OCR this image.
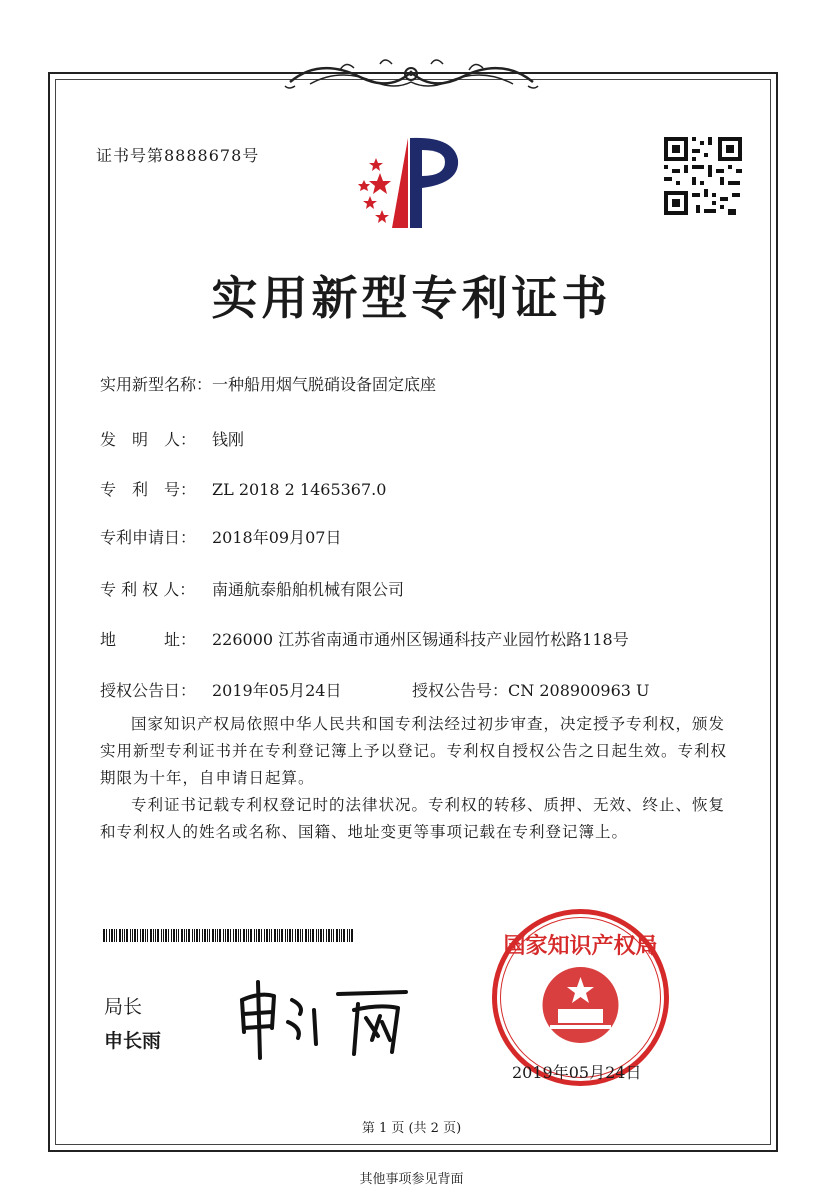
证书号第8888678号
实用新型专利证书
实用新型名称：一种船用烟气脱硝设备固定底座
发　明　人： 钱刚
专　利　号： ZL 2018 2 1465367.0
专利申请日： 2018年09月07日
专 利 权 人： 南通航泰船舶机械有限公司
地　　　址： 226000 江苏省南通市通州区锡通科技产业园竹松路118号
授权公告日： 2019年05月24日	授权公告号：CN 208900963 U
国家知识产权局依照中华人民共和国专利法经过初步审查，决定授予专利权，颁发实用新型专利证书并在专利登记簿上予以登记。专利权自授权公告之日起生效。专利权期限为十年，自申请日起算。
专利证书记载专利权登记时的法律状况。专利权的转移、质押、无效、终止、恢复和专利权人的姓名或名称、国籍、地址变更等事项记载在专利登记簿上。
局长
申长雨
国家知识产权局
2019年05月24日
第 1 页 (共 2 页)
其他事项参见背面
